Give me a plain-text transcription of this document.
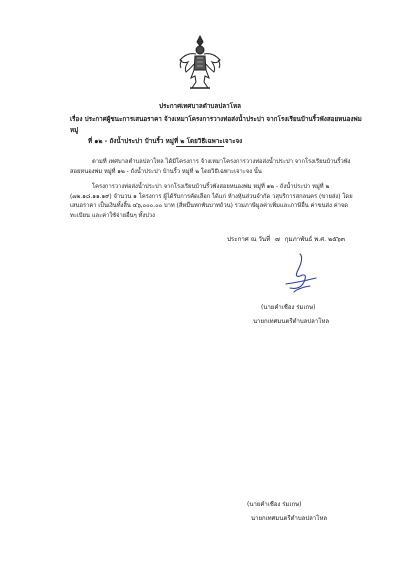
ประกาศเทศบาลตำบลปลาโหล
เรื่อง ประกาศผู้ชนะการเสนอราคา จ้างเหมาโครงการวางท่อส่งน้ำประปา จากโรงเรียนบ้านริ้วพังสอยหนองพ่ม หมู่
ที่ ๑๒ - ถังน้ำประปา บ้านริ้ว หมู่ที่ ๒ โดยวิธีเฉพาะเจาะจง
ตามที่ เทศบาลตำบลปลาโหล ได้มีโครงการ จ้างเหมาโครงการวางท่อส่งน้ำประปา จากโรงเรียนบ้านริ้วพัง
สอยหนองพ่ม หมู่ที่ ๑๒ - ถังน้ำประปา บ้านริ้ว หมู่ที่ ๒ โดยวิธีเฉพาะเจาะจง นั้น
โครงการวางท่อส่งน้ำประปา จากโรงเรียนบ้านริ้วพังสอยหนองพ่ม หมู่ที่ ๑๒ - ถังน้ำประปา หมู่ที่ ๒
(๗๒.๑๘.๑๑.๑๙) จำนวน ๑ โครงการ ผู้ได้รับการคัดเลือก ได้แก่ ห้างหุ้นส่วนจำกัด วสุบริการสกลนคร (ขายส่ง) โดย
เสนอราคา เป็นเงินทั้งสิ้น ๔๖,๐๐๐.๐๐ บาท (สี่หมื่นหกพันบาทถ้วน) รวมภาษีมูลค่าเพิ่มและภาษีอื่น ค่าขนส่ง ค่าจด
ทะเบียน และค่าใช้จ่ายอื่นๆ ทั้งปวง
ประกาศ ณ วันที่ ๗ กุมภาพันธ์ พ.ศ. ๒๕๖๓
(นายคำเชือง ร่มเกษ)
นายกเทศมนตรีตำบลปลาโหล
(นายคำเชือง ร่มเกษ)
นายกเทศมนตรีตำบลปลาโหล
